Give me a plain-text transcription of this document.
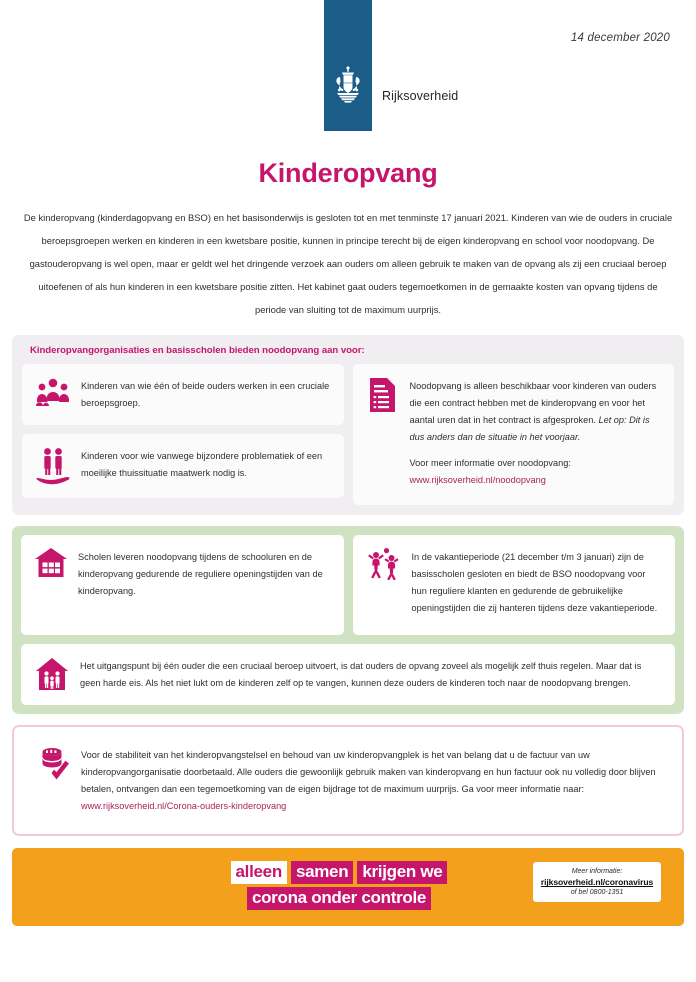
Rijksoverheid
14 december 2020
Kinderopvang
De kinderopvang (kinderdagopvang en BSO) en het basisonderwijs is gesloten tot en met tenminste 17 januari 2021. Kinderen van wie de ouders in cruciale beroepsgroepen werken en kinderen in een kwetsbare positie, kunnen in principe terecht bij de eigen kinderopvang en school voor noodopvang. De gastouderopvang is wel open, maar er geldt wel het dringende verzoek aan ouders om alleen gebruik te maken van de opvang als zij een cruciaal beroep uitoefenen of als hun kinderen in een kwetsbare positie zitten. Het kabinet gaat ouders tegemoetkomen in de gemaakte kosten van opvang tijdens de periode van sluiting tot de maximum uurprijs.
Kinderopvangorganisaties en basisscholen bieden noodopvang aan voor:
Kinderen van wie één of beide ouders werken in een cruciale beroepsgroep.
Kinderen voor wie vanwege bijzondere problematiek of een moeilijke thuissituatie maatwerk nodig is.
Noodopvang is alleen beschikbaar voor kinderen van ouders die een contract hebben met de kinderopvang en voor het aantal uren dat in het contract is afgesproken. Let op: Dit is dus anders dan de situatie in het voorjaar.
Voor meer informatie over noodopvang:
www.rijksoverheid.nl/noodopvang
Scholen leveren noodopvang tijdens de schooluren en de kinderopvang gedurende de reguliere openingstijden van de kinderopvang.
In de vakantieperiode (21 december t/m 3 januari) zijn de basisscholen gesloten en biedt de BSO noodopvang voor hun reguliere klanten en gedurende de gebruikelijke openingstijden die zij hanteren tijdens deze vakantieperiode.
Het uitgangspunt bij één ouder die een cruciaal beroep uitvoert, is dat ouders de opvang zoveel als mogelijk zelf thuis regelen. Maar dat is geen harde eis. Als het niet lukt om de kinderen zelf op te vangen, kunnen deze ouders de kinderen toch naar de noodopvang brengen.
Voor de stabiliteit van het kinderopvangstelsel en behoud van uw kinderopvangplek is het van belang dat u de factuur van uw kinderopvangorganisatie doorbetaald. Alle ouders die gewoonlijk gebruik maken van kinderopvang en hun factuur ook nu volledig door blijven betalen, ontvangen dan een tegemoetkoming van de eigen bijdrage tot de maximum uurprijs. Ga voor meer informatie naar: www.rijksoverheid.nl/Corona-ouders-kinderopvang
alleen samen krijgen we
corona onder controle
Meer informatie:
rijksoverheid.nl/coronavirus
of bel 0800-1351
